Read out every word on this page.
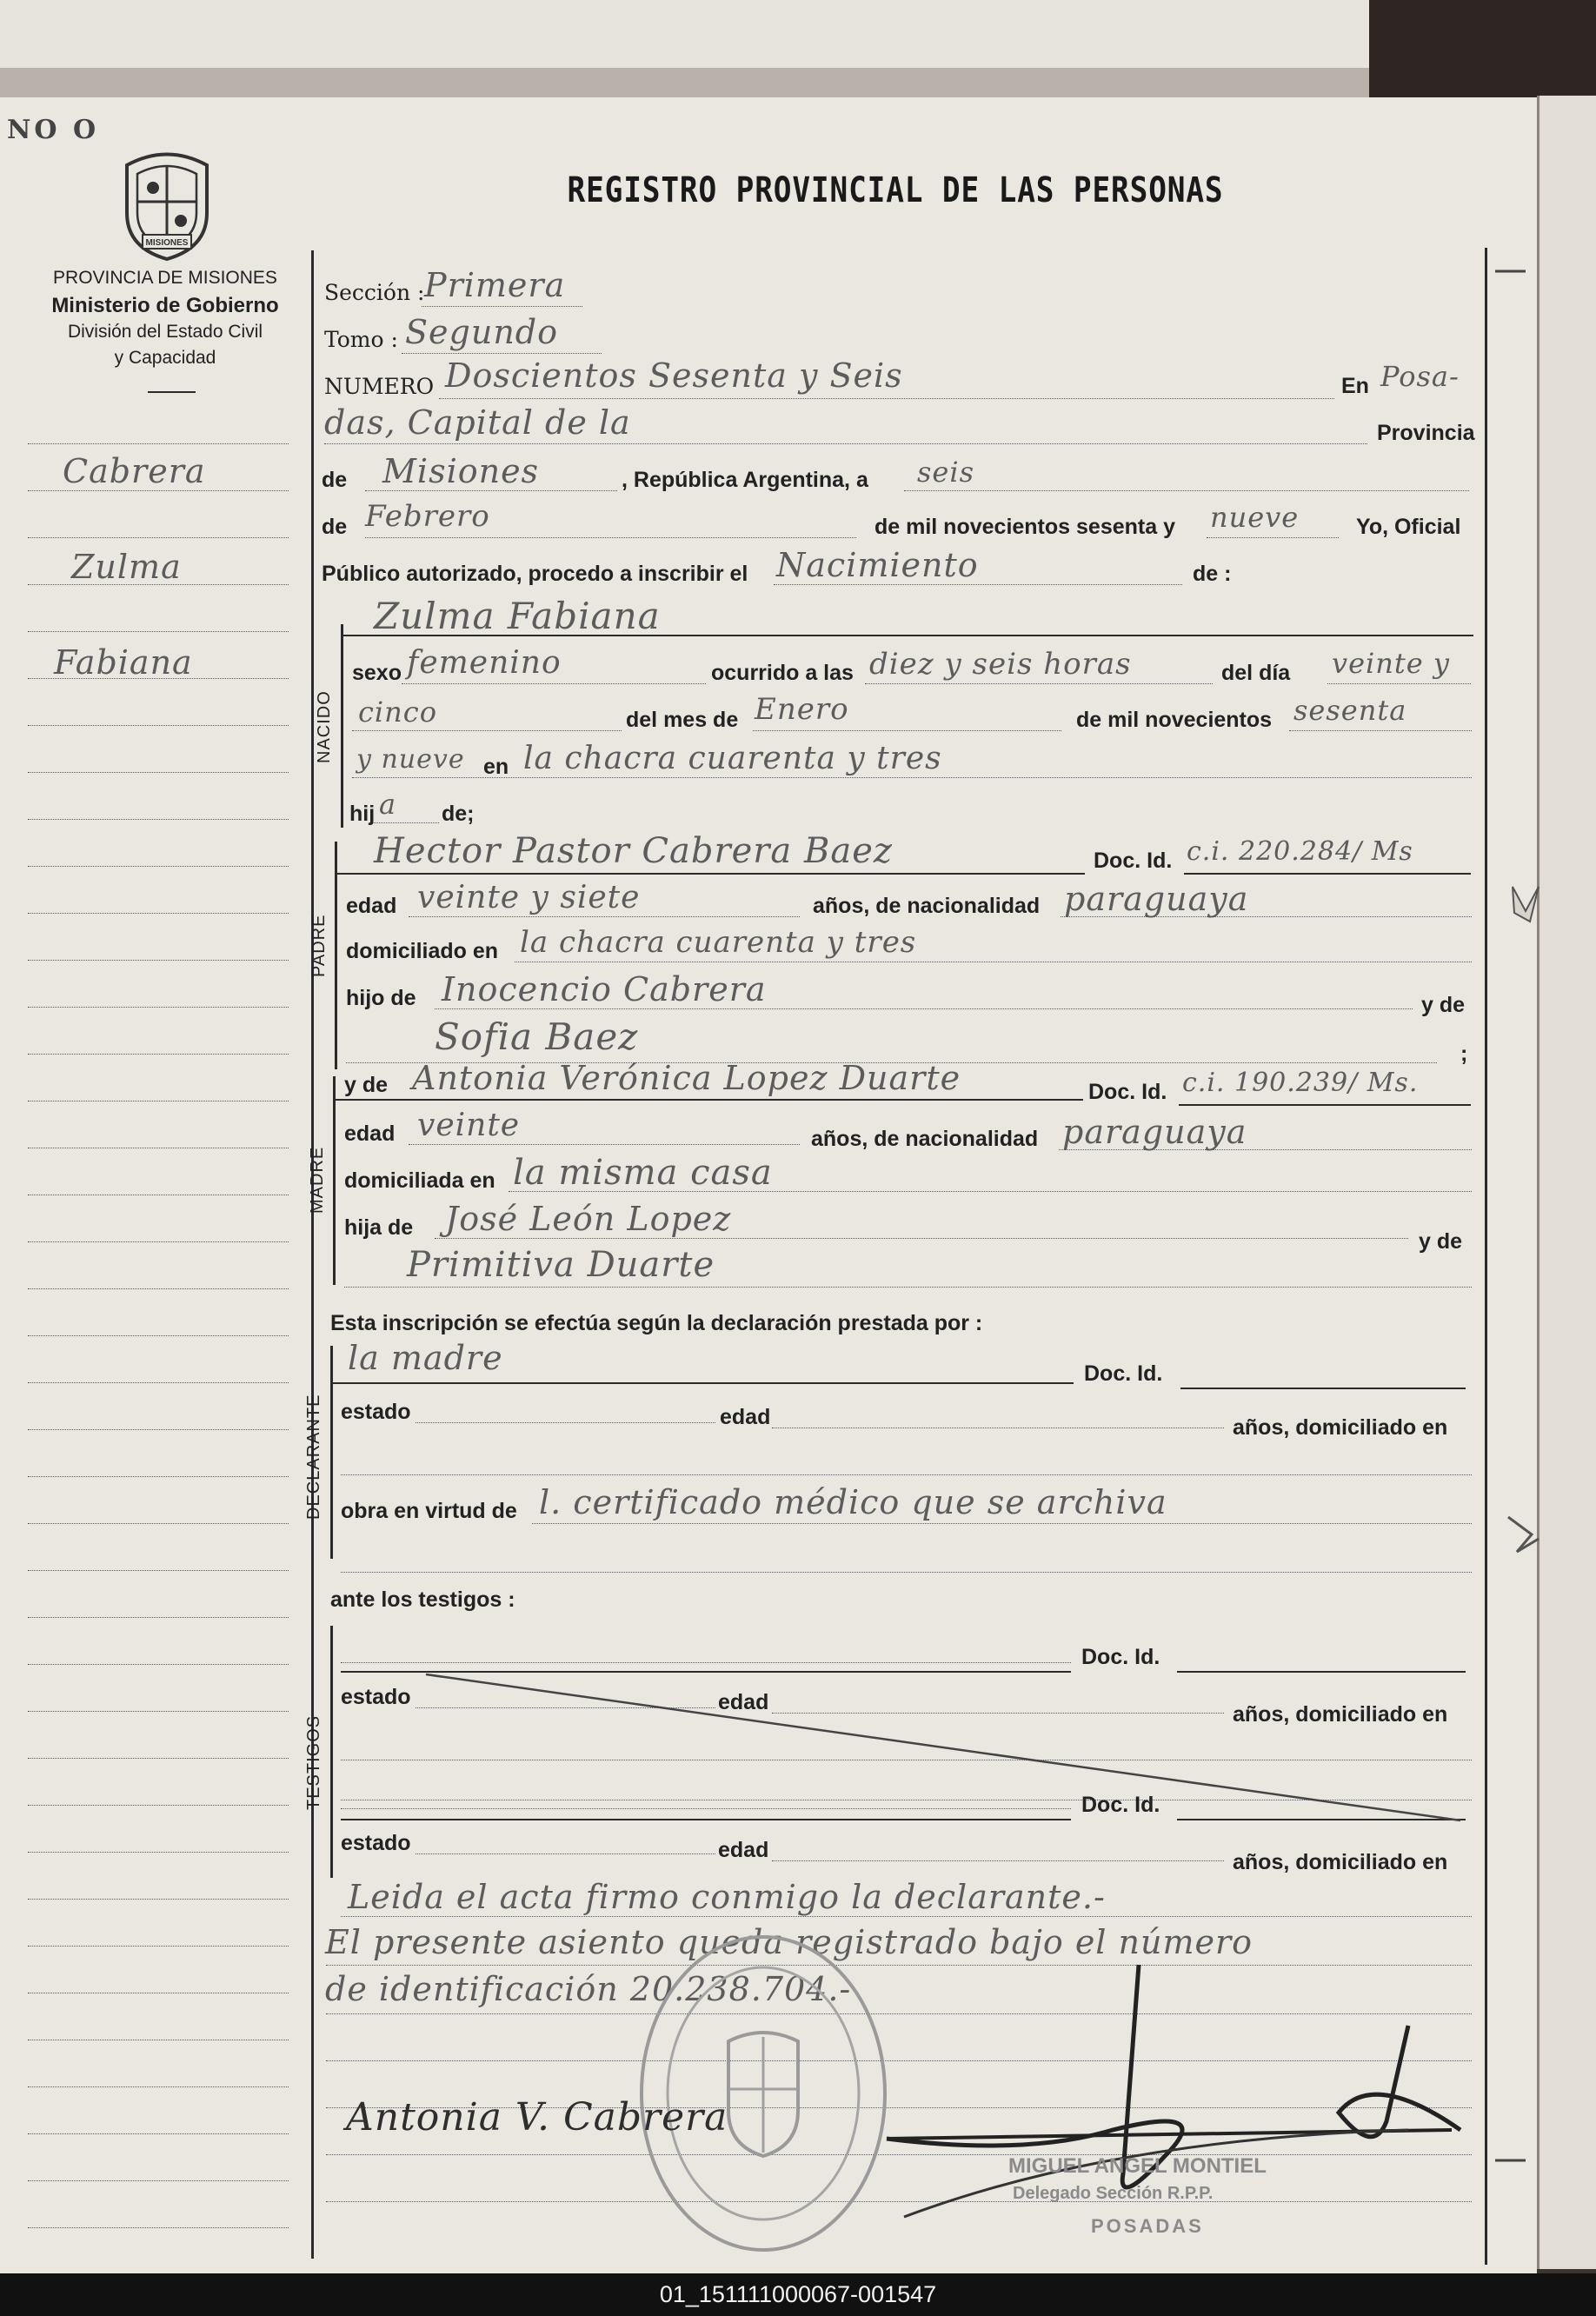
NO O
MISIONES
PROVINCIA DE MISIONES
Ministerio de Gobierno
División del Estado Civil
y Capacidad
REGISTRO PROVINCIAL DE LAS PERSONAS
Cabrera
Zulma
Fabiana
Sección : Primera
Tomo : Segundo
NUMERO Doscientos Sesenta y Seis	En Posa-
das, Capital de la	Provincia
de Misiones	, República Argentina, a seis
de Febrero	de mil novecientos sesenta y nueve	Yo, Oficial
Público autorizado, procedo a inscribir el Nacimiento	de :
NACIDO
Zulma Fabiana
sexo femenino	ocurrido a las diez y seis horas	del día veinte y
cinco	del mes de Enero	de mil novecientos sesenta
y nueve en la chacra cuarenta y tres
hij a de;
PADRE
Hector Pastor Cabrera Baez	Doc. Id. c.i. 220.284/ Ms
edad veinte y siete	años, de nacionalidad paraguaya
domiciliado en la chacra cuarenta y tres
hijo de Inocencio Cabrera	y de
Sofia Baez	;
MADRE
y de Antonia Verónica Lopez Duarte	Doc. Id. c.i. 190.239/ Ms.
edad veinte	años, de nacionalidad paraguaya
domiciliada en la misma casa
hija de José León Lopez
y de
Primitiva Duarte
Esta inscripción se efectúa según la declaración prestada por :
DECLARANTE
la madre	Doc. Id.
estado	edad	años, domiciliado en
obra en virtud de l. certificado médico que se archiva
ante los testigos :
TESTIGOS
Doc. Id.
estado	edad	años, domiciliado en
Doc. Id.
estado	edad	años, domiciliado en
Leida el acta firmo conmigo la declarante.-
El presente asiento queda registrado bajo el número
de identificación 20.238.704.-
Antonia V. Cabrera
MIGUEL ANGEL MONTIEL
Delegado Sección R.P.P.
POSADAS
01_151111000067-001547
